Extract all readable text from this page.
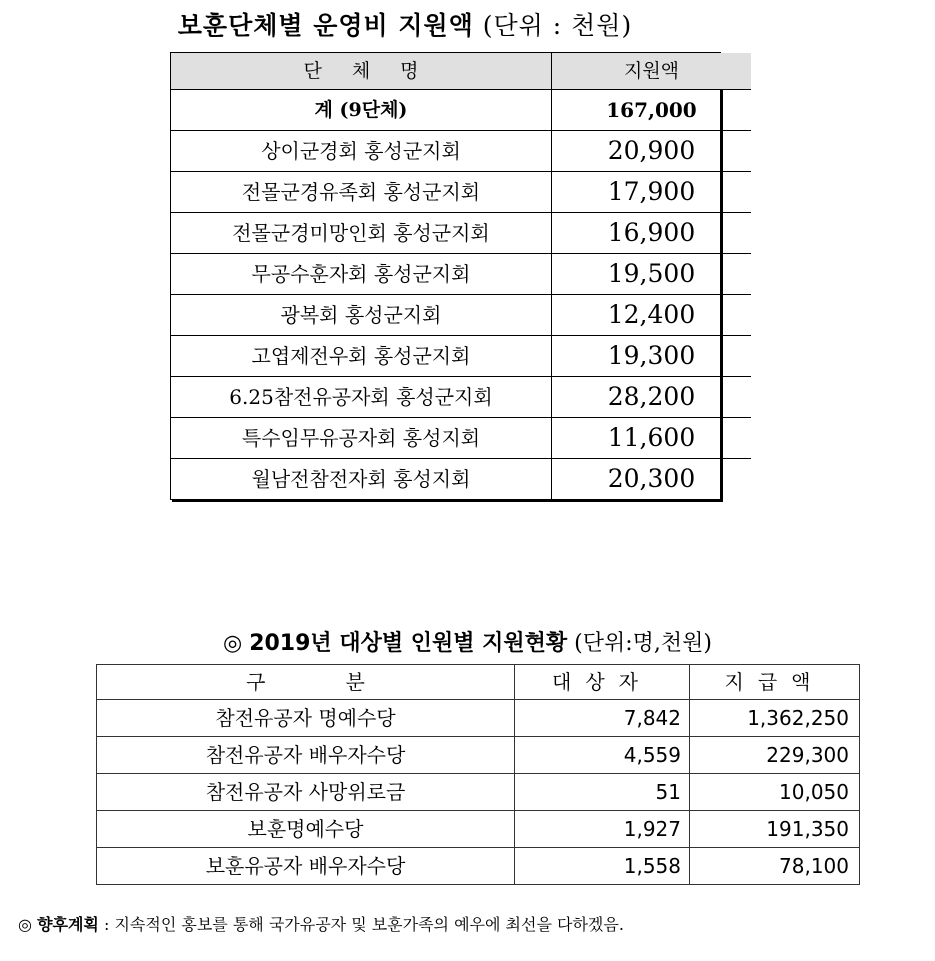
보훈단체별 운영비 지원액 (단위 : 천원)
단체명	지원액
계 (9단체)	167,000
상이군경회 홍성군지회	20,900
전몰군경유족회 홍성군지회	17,900
전몰군경미망인회 홍성군지회	16,900
무공수훈자회 홍성군지회	19,500
광복회 홍성군지회	12,400
고엽제전우회 홍성군지회	19,300
6.25참전유공자회 홍성군지회	28,200
특수임무유공자회 홍성지회	11,600
월남전참전자회 홍성지회	20,300
◎ 2019년 대상별 인원별 지원현황 (단위:명,천원)
구분	대상자	지급액
참전유공자 명예수당	7,842	1,362,250
참전유공자 배우자수당	4,559	229,300
참전유공자 사망위로금	51	10,050
보훈명예수당	1,927	191,350
보훈유공자 배우자수당	1,558	78,100
◎ 향후계획 : 지속적인 홍보를 통해 국가유공자 및 보훈가족의 예우에 최선을 다하겠음.
